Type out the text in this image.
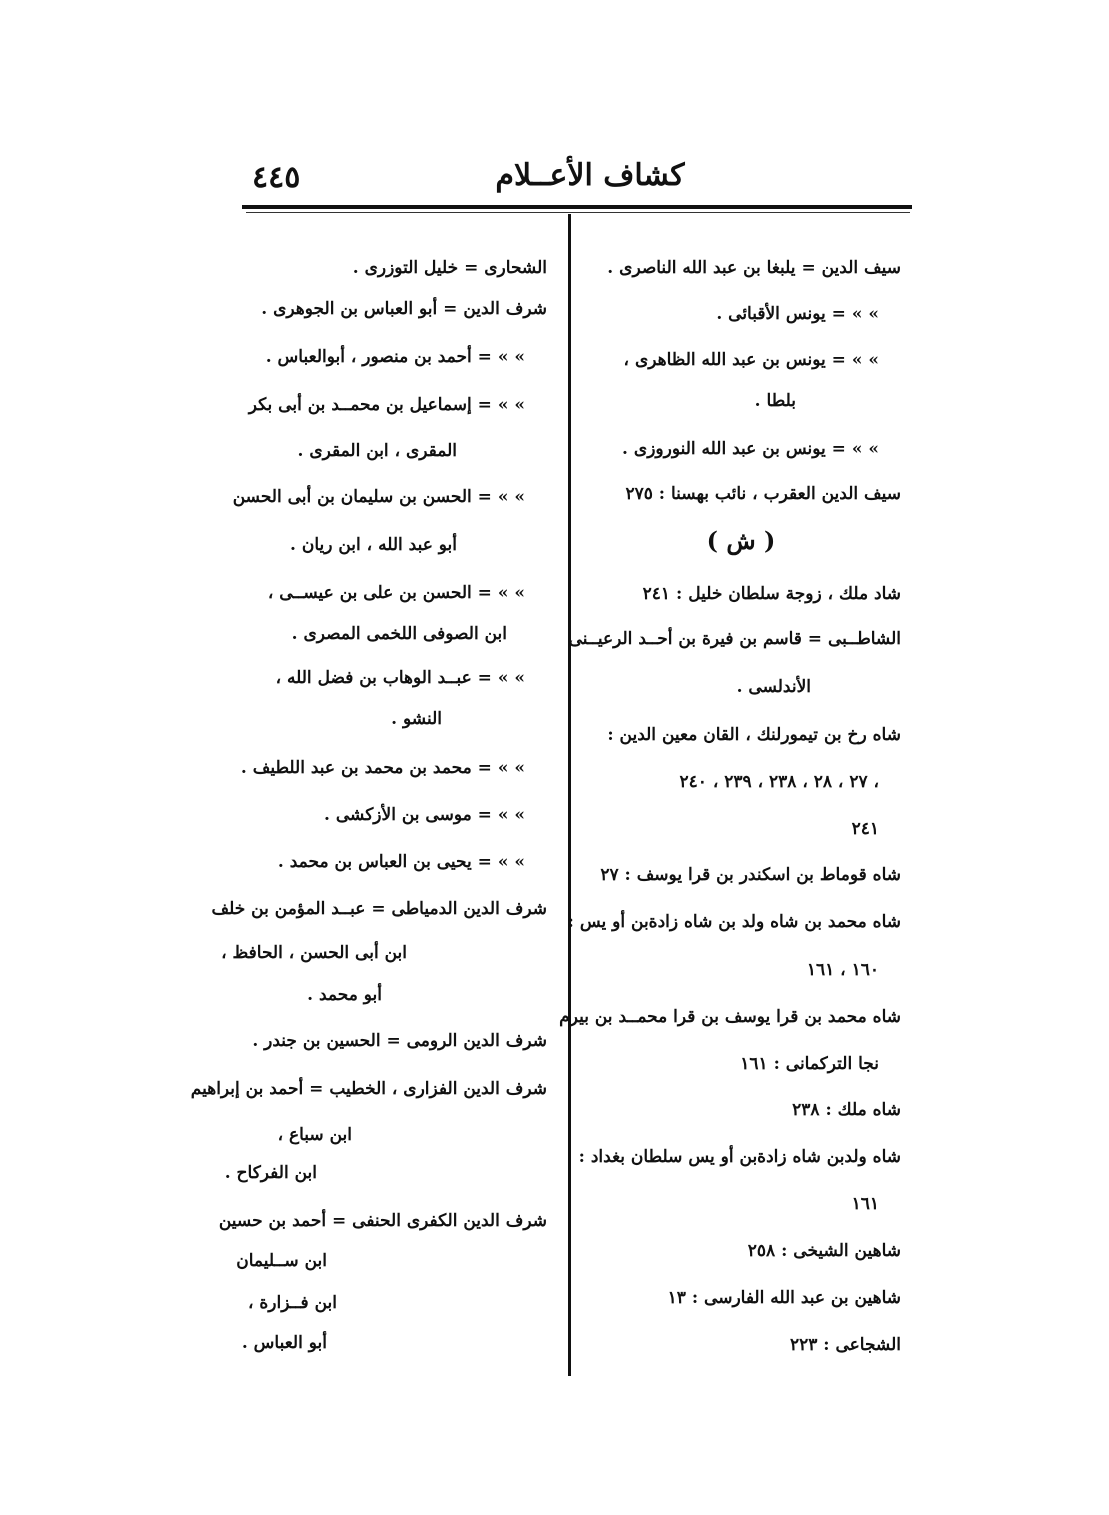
كشاف الأعــلام
٤٤٥
سيف الدين = يلبغا بن عبد الله الناصرى .
» » = يونس الأقبائى .
» » = يونس بن عبد الله الظاهرى ،
بلطا .
» » = يونس بن عبد الله النوروزى .
سيف الدين العقرب ، نائب بهسنا : ٢٧٥
( ش )
شاد ملك ، زوجة سلطان خليل : ٢٤١
الشاطــبى = قاسم بن فيرة بن أحــد الرعيــنى
الأندلسى .
شاه رخ بن تيمورلنك ، القان معين الدين :
٢٧ ، ٢٨ ، ٢٣٨ ، ٢٣٩ ، ٢٤٠ ،
٢٤١
شاه قوماط بن اسكندر بن قرا يوسف : ٢٧
شاه محمد بن شاه ولد بن شاه زادةبن أو يس :
١٦٠ ، ١٦١
شاه محمد بن قرا يوسف بن قرا محمــد بن بيرم
نجا التركمانى : ١٦١
شاه ملك : ٢٣٨
شاه ولدبن شاه زادةبن أو يس سلطان بغداد :
١٦١
شاهين الشيخى : ٢٥٨
شاهين بن عبد الله الفارسى : ١٣
الشجاعى : ٢٢٣
الشحارى = خليل التوزرى .
شرف الدين = أبو العباس بن الجوهرى .
» » = أحمد بن منصور ، أبوالعباس .
» » = إسماعيل بن محمــد بن أبى بكر
المقرى ، ابن المقرى .
» » = الحسن بن سليمان بن أبى الحسن
أبو عبد الله ، ابن ريان .
» » = الحسن بن على بن عيســى ،
ابن الصوفى اللخمى المصرى .
» » = عبــد الوهاب بن فضل الله ،
النشو .
» » = محمد بن محمد بن عبد اللطيف .
» » = موسى بن الأزكشى .
» » = يحيى بن العباس بن محمد .
شرف الدين الدمياطى = عبــد المؤمن بن خلف
ابن أبى الحسن ، الحافظ ،
أبو محمد .
شرف الدين الرومى = الحسين بن جندر .
شرف الدين الفزارى ، الخطيب = أحمد بن إبراهيم
ابن سباع ،
ابن الفركاح .
شرف الدين الكفرى الحنفى = أحمد بن حسين
ابن ســليمان
ابن فــزارة ،
أبو العباس .
